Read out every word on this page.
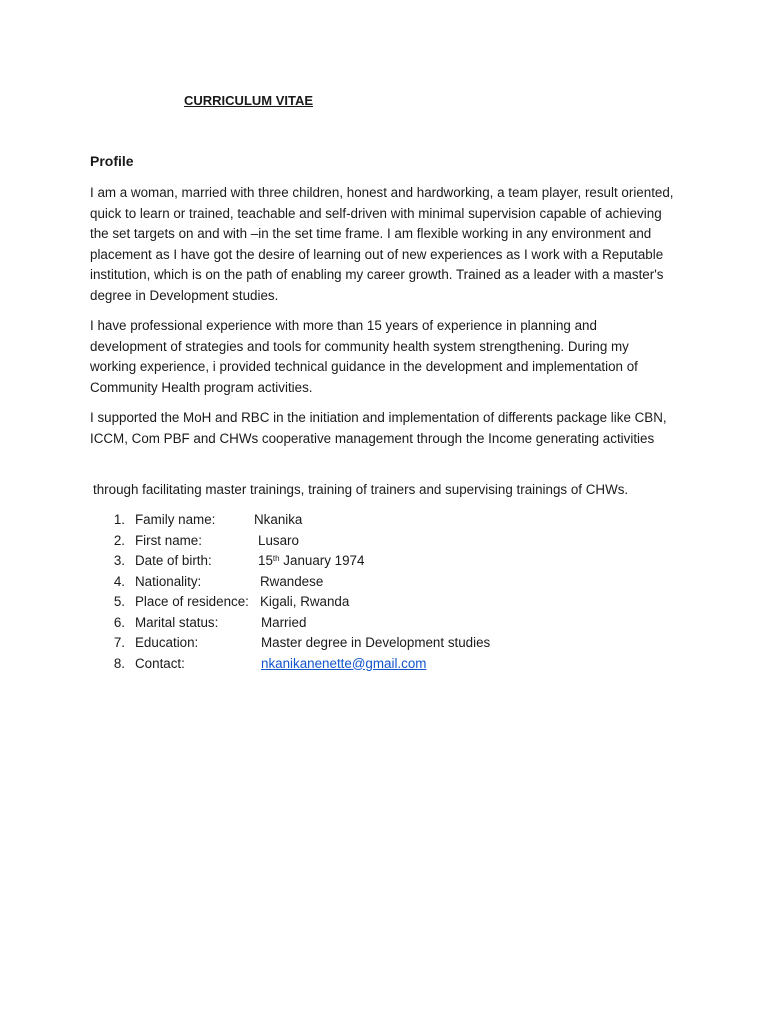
CURRICULUM VITAE
Profile

I am a woman, married with three children, honest and hardworking, a team player, result oriented, quick to learn or trained, teachable and self-driven with minimal supervision capable of achieving the set targets on and with –in the set time frame. I am flexible working in any environment and placement as I have got the desire of learning out of new experiences as I work with a Reputable institution, which is on the path of enabling my career growth. Trained as a leader with a master's degree in Development studies.

I have professional experience with more than 15 years of experience in planning and development of strategies and tools for community health system strengthening. During my working experience, i provided technical guidance in the development and implementation of Community Health program activities.

I supported the MoH and RBC in the initiation and implementation of differents package like CBN, ICCM, Com PBF and CHWs cooperative management through the Income generating activities

through facilitating master trainings, training of trainers and supervising trainings of CHWs.

1. Family name:	Nkanika
2. First name:	Lusaro
3. Date of birth:	15th January 1974
4. Nationality:	Rwandese
5. Place of residence: Kigali, Rwanda
6. Marital status:	Married
7. Education:	Master degree in Development studies
8. Contact:	nkanikanenette@gmail.com
